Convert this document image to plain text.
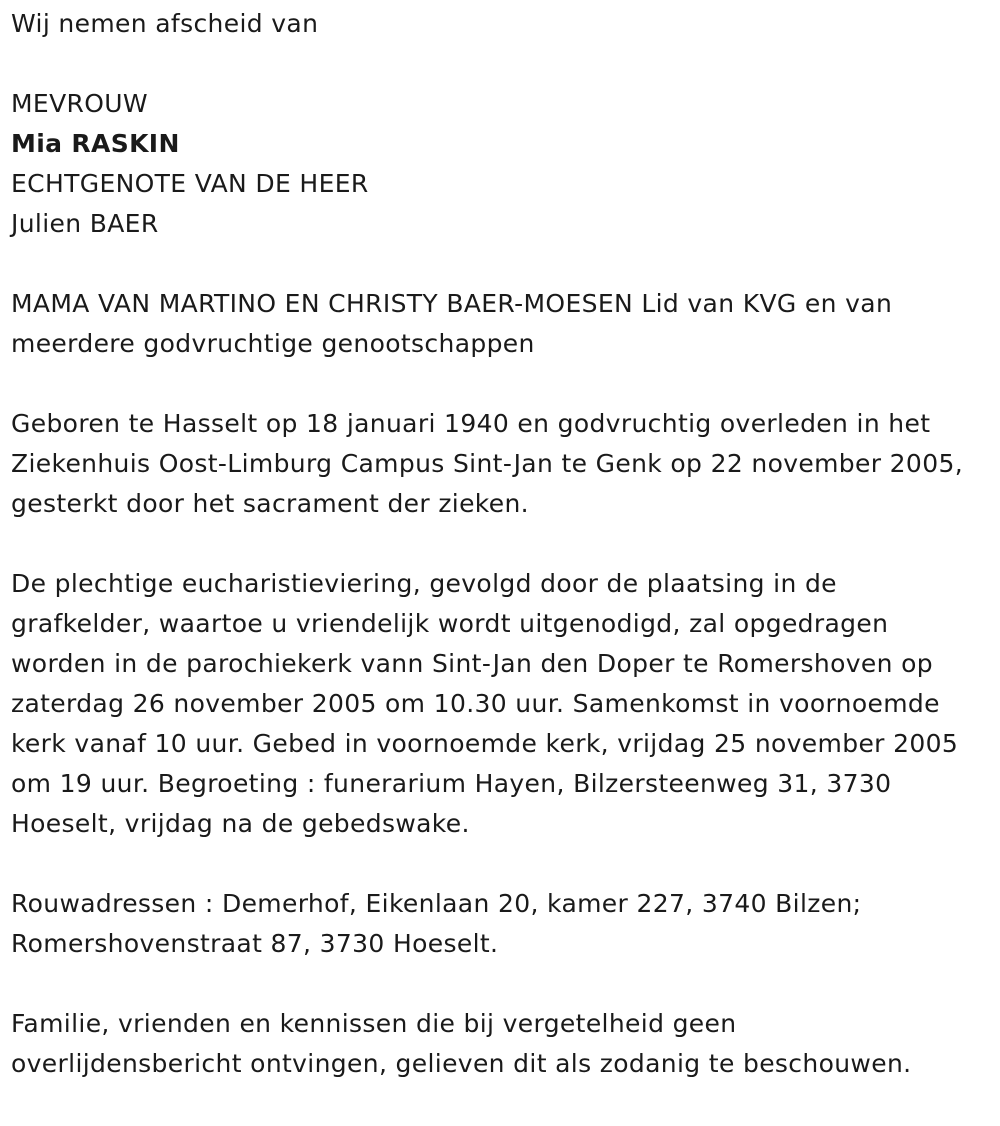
Wij nemen afscheid van

MEVROUW

Mia RASKIN

ECHTGENOTE VAN DE HEER

Julien BAER

MAMA VAN MARTINO EN CHRISTY BAER-MOESEN Lid van KVG en van

meerdere godvruchtige genootschappen

Geboren te Hasselt op 18 januari 1940 en godvruchtig overleden in het

Ziekenhuis Oost-Limburg Campus Sint-Jan te Genk op 22 november 2005,

gesterkt door het sacrament der zieken.

De plechtige eucharistieviering, gevolgd door de plaatsing in de

grafkelder, waartoe u vriendelijk wordt uitgenodigd, zal opgedragen

worden in de parochiekerk vann Sint-Jan den Doper te Romershoven op

zaterdag 26 november 2005 om 10.30 uur. Samenkomst in voornoemde

kerk vanaf 10 uur. Gebed in voornoemde kerk, vrijdag 25 november 2005

om 19 uur. Begroeting : funerarium Hayen, Bilzersteenweg 31, 3730

Hoeselt, vrijdag na de gebedswake.

Rouwadressen : Demerhof, Eikenlaan 20, kamer 227, 3740 Bilzen;

Romershovenstraat 87, 3730 Hoeselt.

Familie, vrienden en kennissen die bij vergetelheid geen

overlijdensbericht ontvingen, gelieven dit als zodanig te beschouwen.
